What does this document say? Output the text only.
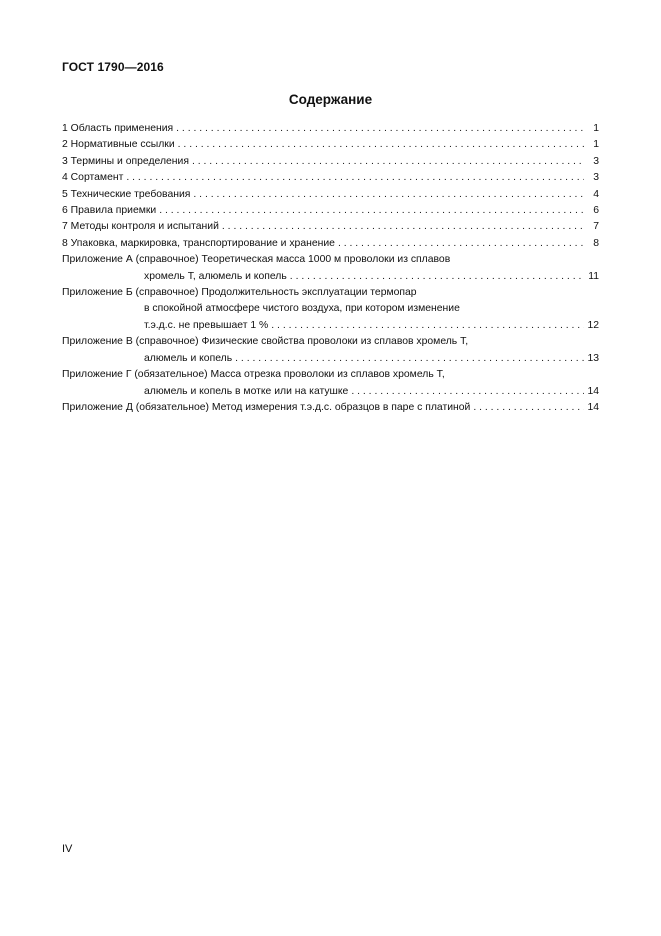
ГОСТ 1790—2016
Содержание
1 Область применения . . .	1
2 Нормативные ссылки . . .	1
3 Термины и определения . . .	3
4 Сортамент . . .	3
5 Технические требования . . .	4
6 Правила приемки . . .	6
7 Методы контроля и испытаний . . .	7
8 Упаковка, маркировка, транспортирование и хранение . . .	8
Приложение А (справочное) Теоретическая масса 1000 м проволоки из сплавов
хромель Т, алюмель и копель . . .	11
Приложение Б (справочное) Продолжительность эксплуатации термопар
в спокойной атмосфере чистого воздуха, при котором изменение
т.э.д.с. не превышает 1 % . . .	12
Приложение В (справочное) Физические свойства проволоки из сплавов хромель Т,
алюмель и копель . . .	13
Приложение Г (обязательное) Масса отрезка проволоки из сплавов хромель Т,
алюмель и копель в мотке или на катушке . . .	14
Приложение Д (обязательное) Метод измерения т.э.д.с. образцов в паре с платиной . . .	14
IV
